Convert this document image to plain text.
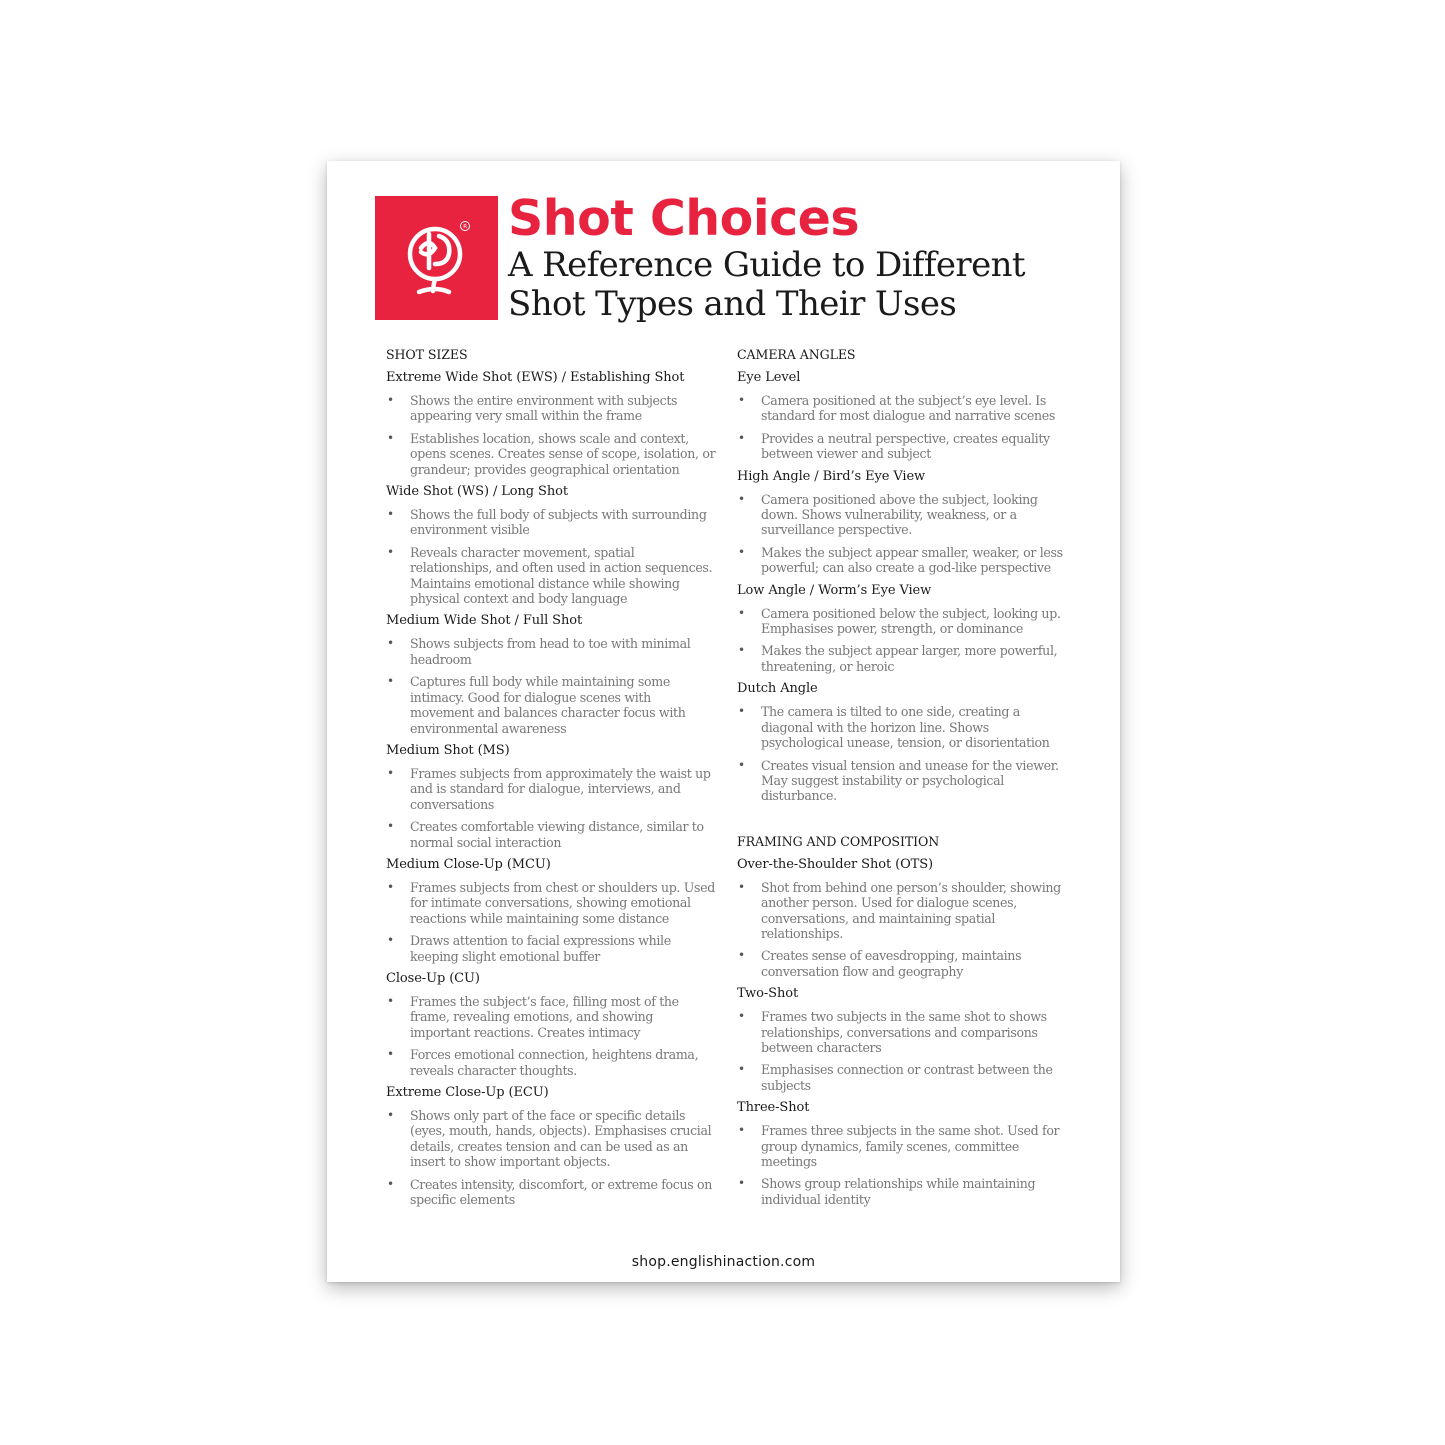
R Shot Choices
A Reference Guide to Different
Shot Types and Their Uses
SHOT SIZES
Extreme Wide Shot (EWS) / Establishing Shot
• Shows the entire environment with subjects appearing very small within the frame
• Establishes location, shows scale and context, opens scenes. Creates sense of scope, isolation, or grandeur; provides geographical orientation
Wide Shot (WS) / Long Shot
• Shows the full body of subjects with surrounding environment visible
• Reveals character movement, spatial relationships, and often used in action sequences. Maintains emotional distance while showing physical context and body language
Medium Wide Shot / Full Shot
• Shows subjects from head to toe with minimal headroom
• Captures full body while maintaining some intimacy. Good for dialogue scenes with movement and balances character focus with environmental awareness
Medium Shot (MS)
• Frames subjects from approximately the waist up and is standard for dialogue, interviews, and conversations
• Creates comfortable viewing distance, similar to normal social interaction
Medium Close-Up (MCU)
• Frames subjects from chest or shoulders up. Used for intimate conversations, showing emotional reactions while maintaining some distance
• Draws attention to facial expressions while keeping slight emotional buffer
Close-Up (CU)
• Frames the subject’s face, filling most of the frame, revealing emotions, and showing important reactions. Creates intimacy
• Forces emotional connection, heightens drama, reveals character thoughts.
Extreme Close-Up (ECU)
• Shows only part of the face or specific details (eyes, mouth, hands, objects). Emphasises crucial details, creates tension and can be used as an insert to show important objects.
• Creates intensity, discomfort, or extreme focus on specific elements
CAMERA ANGLES
Eye Level
• Camera positioned at the subject’s eye level. Is standard for most dialogue and narrative scenes
• Provides a neutral perspective, creates equality between viewer and subject
High Angle / Bird’s Eye View
• Camera positioned above the subject, looking down. Shows vulnerability, weakness, or a surveillance perspective.
• Makes the subject appear smaller, weaker, or less powerful; can also create a god-like perspective
Low Angle / Worm’s Eye View
• Camera positioned below the subject, looking up. Emphasises power, strength, or dominance
• Makes the subject appear larger, more powerful, threatening, or heroic
Dutch Angle
• The camera is tilted to one side, creating a diagonal with the horizon line. Shows psychological unease, tension, or disorientation
• Creates visual tension and unease for the viewer. May suggest instability or psychological disturbance.
FRAMING AND COMPOSITION
Over-the-Shoulder Shot (OTS)
• Shot from behind one person’s shoulder, showing another person. Used for dialogue scenes, conversations, and maintaining spatial relationships.
• Creates sense of eavesdropping, maintains conversation flow and geography
Two-Shot
• Frames two subjects in the same shot to shows relationships, conversations and comparisons between characters
• Emphasises connection or contrast between the subjects
Three-Shot
• Frames three subjects in the same shot. Used for group dynamics, family scenes, committee meetings
• Shows group relationships while maintaining individual identity
shop.englishinaction.com
